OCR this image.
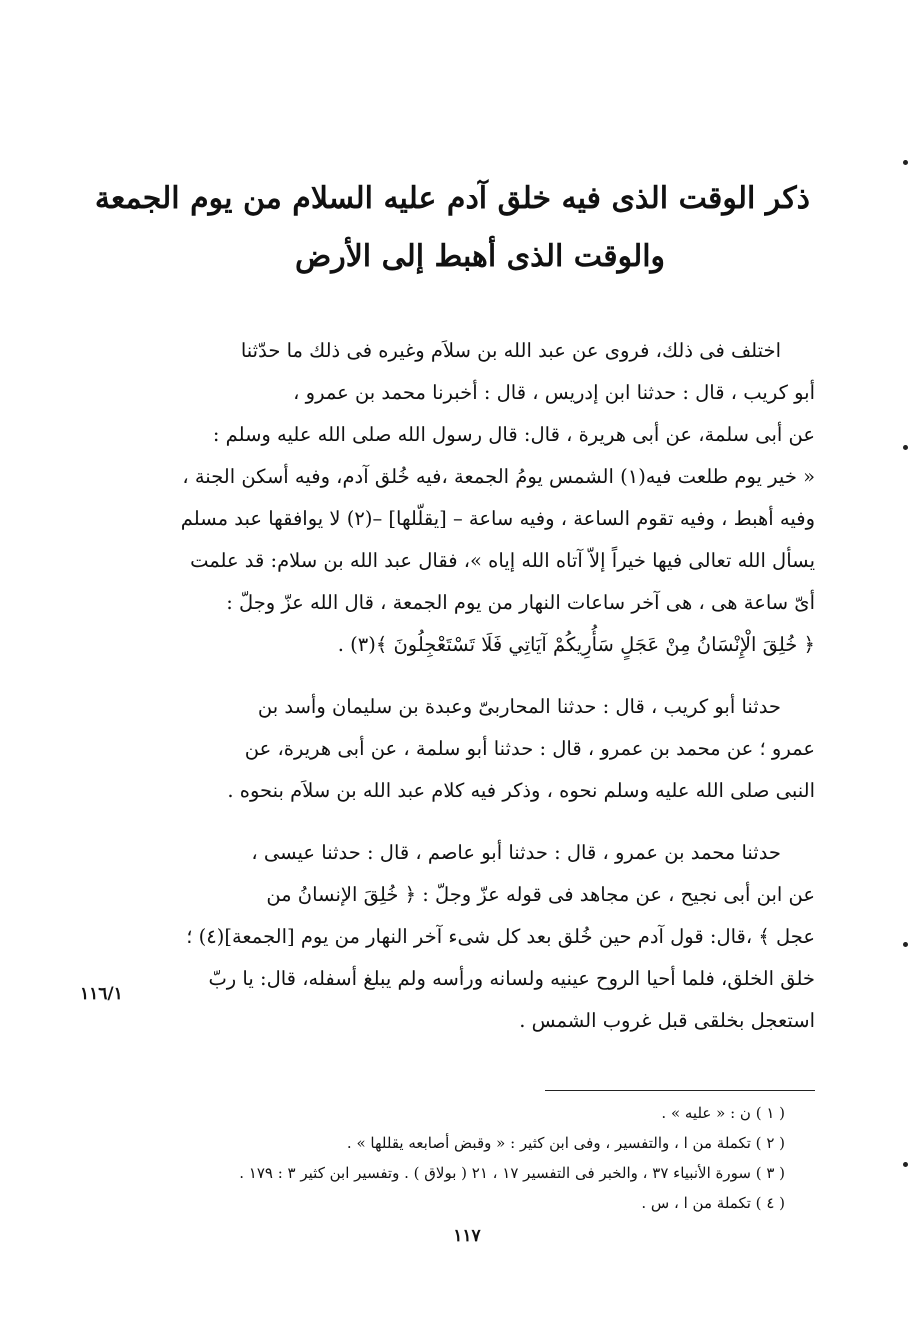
ذكر الوقت الذى فيه خلق آدم عليه السلام من يوم الجمعة
والوقت الذى أهبط إلى الأرض

اختلف فى ذلك، فروى عن عبد الله بن سلاَم وغيره فى ذلك ما حدّثنا
أبو كريب ، قال : حدثنا ابن إدريس ، قال : أخبرنا محمد بن عمرو ،
عن أبى سلمة، عن أبى هريرة ، قال: قال رسول الله صلى الله عليه وسلم :
« خير يوم طلعت فيه(١) الشمس يومُ الجمعة ،فيه خُلق آدم، وفيه أسكن الجنة ،
وفيه أهبط ، وفيه تقوم الساعة ، وفيه ساعة – [يقلّلها] –(٢) لا يوافقها عبد مسلم
يسأل الله تعالى فيها خيراً إلاّ آتاه الله إياه »، فقال عبد الله بن سلام: قد علمت
أىّ ساعة هى ، هى آخر ساعات النهار من يوم الجمعة ، قال الله عزّ وجلّ :
﴿ خُلِقَ الْإِنْسَانُ مِنْ عَجَلٍ سَأُرِيكُمْ آيَاتِي فَلَا تَسْتَعْجِلُونَ ﴾(٣) .

حدثنا أبو كريب ، قال : حدثنا المحاربىّ وعبدة بن سليمان وأسد بن
عمرو ؛ عن محمد بن عمرو ، قال : حدثنا أبو سلمة ، عن أبى هريرة، عن
النبى صلى الله عليه وسلم نحوه ، وذكر فيه كلام عبد الله بن سلاَم بنحوه .

حدثنا محمد بن عمرو ، قال : حدثنا أبو عاصم ، قال : حدثنا عيسى ،
عن ابن أبى نجيح ، عن مجاهد فى قوله عزّ وجلّ : ﴿ خُلِقَ الإنسانُ من
عجل ﴾ ،قال: قول آدم حين خُلق بعد كل شىء آخر النهار من يوم [الجمعة](٤) ؛
خلق الخلق، فلما أحيا الروح عينيه ولسانه ورأسه ولم يبلغ أسفله، قال: يا ربّ
استعجل بخلقى قبل غروب الشمس .

١١٦/١
( ١ ) ن : « عليه » .
( ٢ ) تكملة من ا ، والتفسير ، وفى ابن كثير : « وقبض أصابعه يقللها » .
( ٣ ) سورة الأنبياء ٣٧ ، والخبر فى التفسير ١٧ ، ٢١ ( بولاق ) . وتفسير ابن كثير ٣ : ١٧٩ .
( ٤ ) تكملة من ا ، س .
١١٧
